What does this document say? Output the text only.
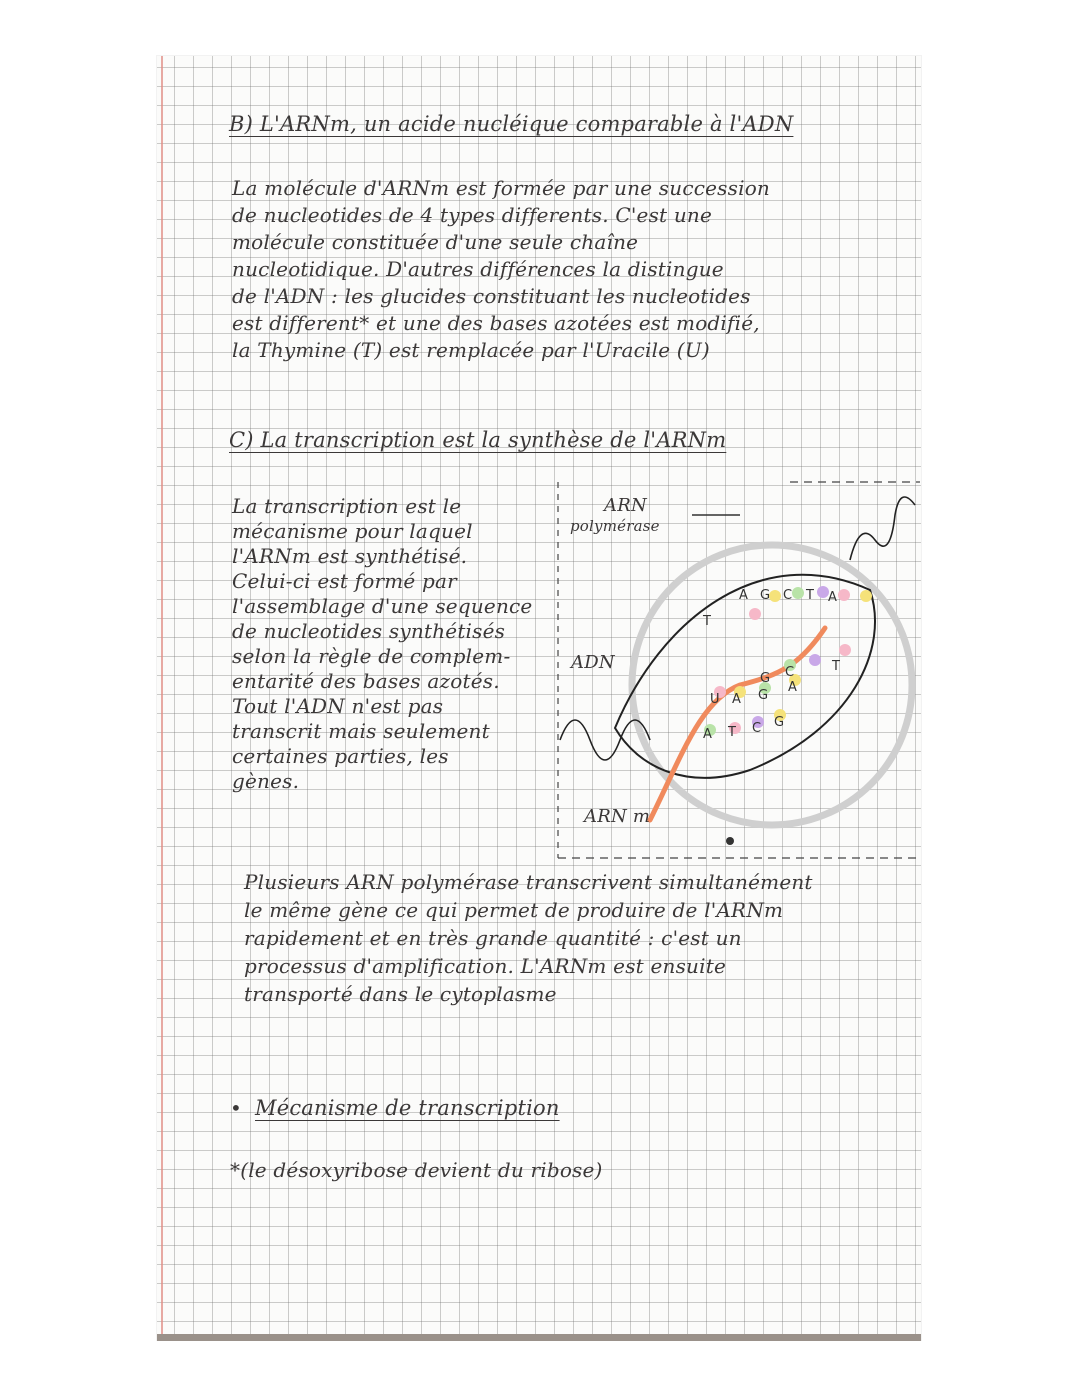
B) L'ARNm, un acide nucléique comparable à l'ADN
La molécule d'ARNm est formée par une succession
de nucleotides de 4 types differents. C'est une
molécule constituée d'une seule chaîne
nucleotidique. D'autres différences la distingue
de l'ADN : les glucides constituant les nucleotides
est different* et une des bases azotées est modifié,
la Thymine (T) est remplacée par l'Uracile (U)
C) La transcription est la synthèse de l'ARNm
La transcription est le
mécanisme pour laquel
l'ARNm est synthétisé.
Celui-ci est formé par
l'assemblage d'une sequence
de nucleotides synthétisés
selon la règle de complem-
entarité des bases azotés.
Tout l'ADN n'est pas
transcrit mais seulement
certaines parties, les
gènes.
T
A G C T A
G C	T
U A G
A
A T C G
ARN
polymérase
ADN
ARN m
Plusieurs ARN polymérase transcrivent simultanément
le même gène ce qui permet de produire de l'ARNm
rapidement et en très grande quantité : c'est un
processus d'amplification. L'ARNm est ensuite
transporté dans le cytoplasme
• Mécanisme de transcription
*(le désoxyribose devient du ribose)
